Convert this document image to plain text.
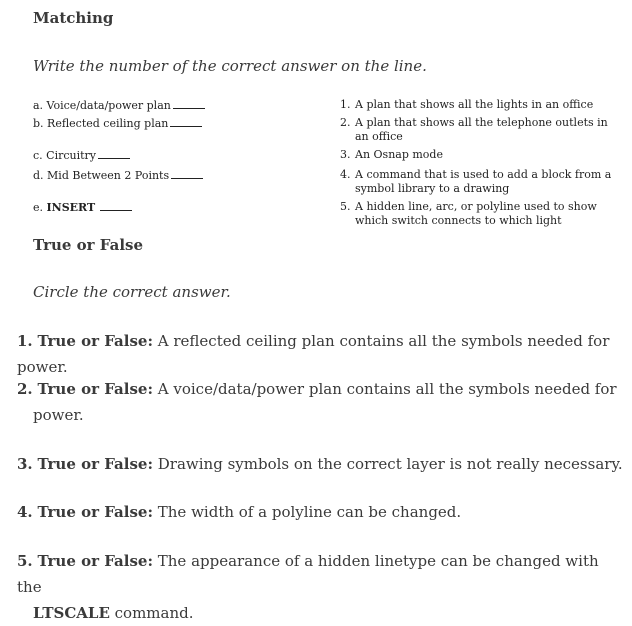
Matching

Write the number of the correct answer on the line.

a. Voice/data/power plan
b. Reflected ceiling plan
c. Circuitry
d. Mid Between 2 Points
e. INSERT
1. A plan that shows all the lights in an office
2. A plan that shows all the telephone outlets in an office
3. An Osnap mode
4. A command that is used to add a block from a symbol library to a drawing
5. A hidden line, arc, or polyline used to show which switch connects to which light
True or False

Circle the correct answer.

1. True or False: A reflected ceiling plan contains all the symbols needed for power.
2. True or False: A voice/data/power plan contains all the symbols needed for
power.
3. True or False: Drawing symbols on the correct layer is not really necessary.
4. True or False: The width of a polyline can be changed.
5. True or False: The appearance of a hidden linetype can be changed with the
LTSCALE command.
